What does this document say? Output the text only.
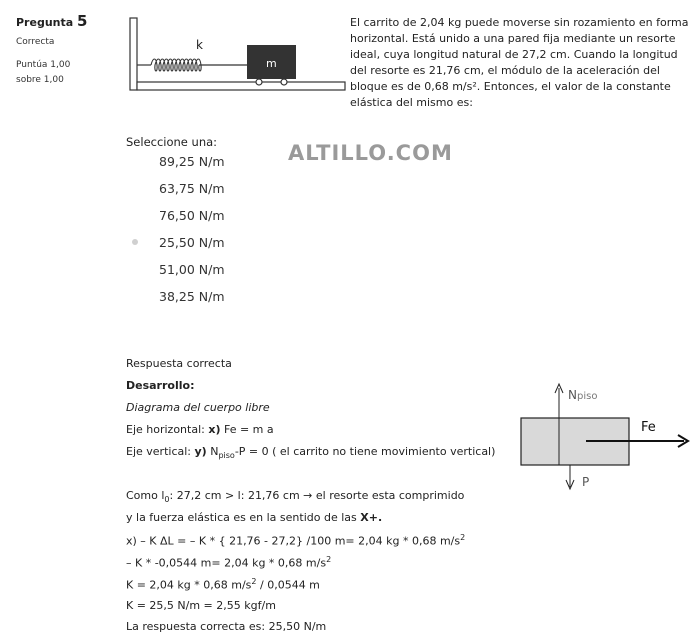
Pregunta 5
Correcta
Puntúa 1,00 sobre 1,00
k
m
El carrito de 2,04 kg puede moverse sin rozamiento en forma horizontal. Está unido a una pared fija mediante un resorte ideal, cuya longitud natural de 27,2 cm. Cuando la longitud del resorte es 21,76 cm, el módulo de la aceleración del bloque es de 0,68 m/s². Entonces, el valor de la constante elástica del mismo es:
Seleccione una:	ALTILLO.COM
89,25 N/m
63,75 N/m
76,50 N/m
25,50 N/m
51,00 N/m
38,25 N/m
Respuesta correcta
Desarrollo:
Diagrama del cuerpo libre
Eje horizontal: x) Fe = m a
Eje vertical: y) $N_{piso}-P = 0$ ( el carrito no tiene movimiento vertical)
Como $l_0$: 27,2 cm > l: 21,76 cm → el resorte esta comprimido
y la fuerza elástica es en la sentido de las X+.
x) – K ΔL = – K * { 21,76 - 27,2} /100 m= 2,04 kg * 0,68 $m/s^2$
– K * -0,0544 m= 2,04 kg * 0,68 $m/s^2$
K = 2,04 kg * 0,68 $m/s^2 / 0,0544$ m
K = 25,5 N/m = 2,55 kgf/m
La respuesta correcta es: 25,50 N/m
Npiso
P
Fe
